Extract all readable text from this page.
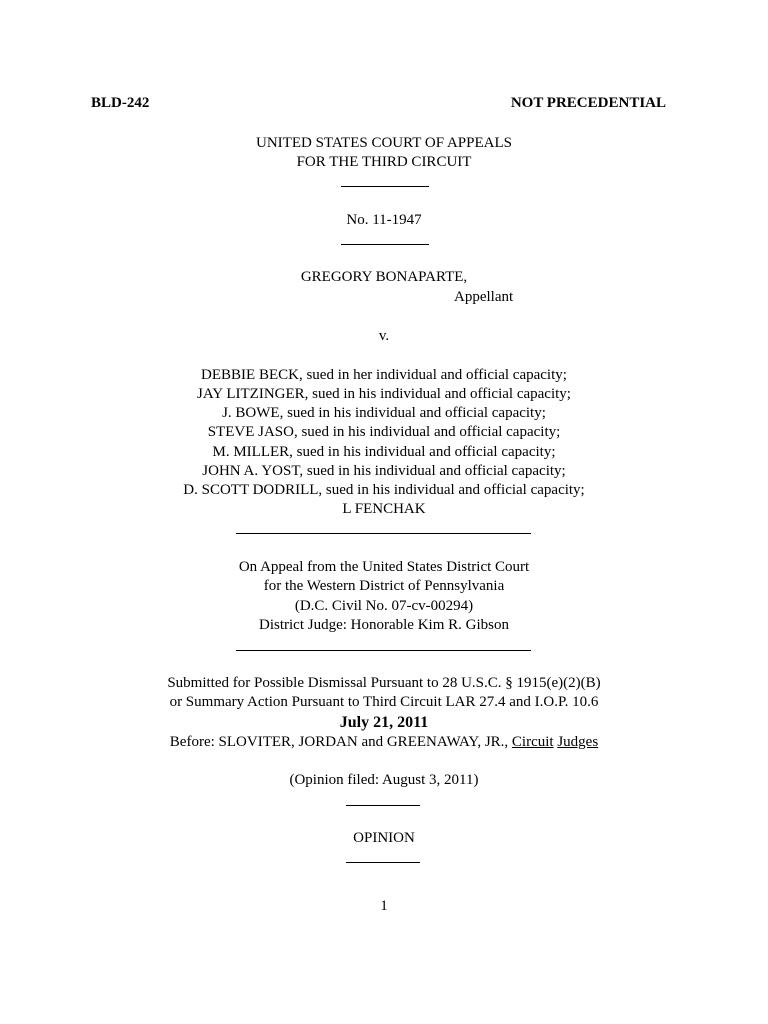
BLD-242	NOT PRECEDENTIAL
UNITED STATES COURT OF APPEALS
FOR THE THIRD CIRCUIT
No. 11-1947
GREGORY BONAPARTE,
Appellant
v.
DEBBIE BECK, sued in her individual and official capacity;
JAY LITZINGER, sued in his individual and official capacity;
J. BOWE, sued in his individual and official capacity;
STEVE JASO, sued in his individual and official capacity;
M. MILLER, sued in his individual and official capacity;
JOHN A. YOST, sued in his individual and official capacity;
D. SCOTT DODRILL, sued in his individual and official capacity;
L FENCHAK
On Appeal from the United States District Court
for the Western District of Pennsylvania
(D.C. Civil No. 07-cv-00294)
District Judge: Honorable Kim R. Gibson
Submitted for Possible Dismissal Pursuant to 28 U.S.C. § 1915(e)(2)(B)
or Summary Action Pursuant to Third Circuit LAR 27.4 and I.O.P. 10.6
July 21, 2011
Before: SLOVITER, JORDAN and GREENAWAY, JR., Circuit Judges
(Opinion filed: August 3, 2011)
OPINION
1
